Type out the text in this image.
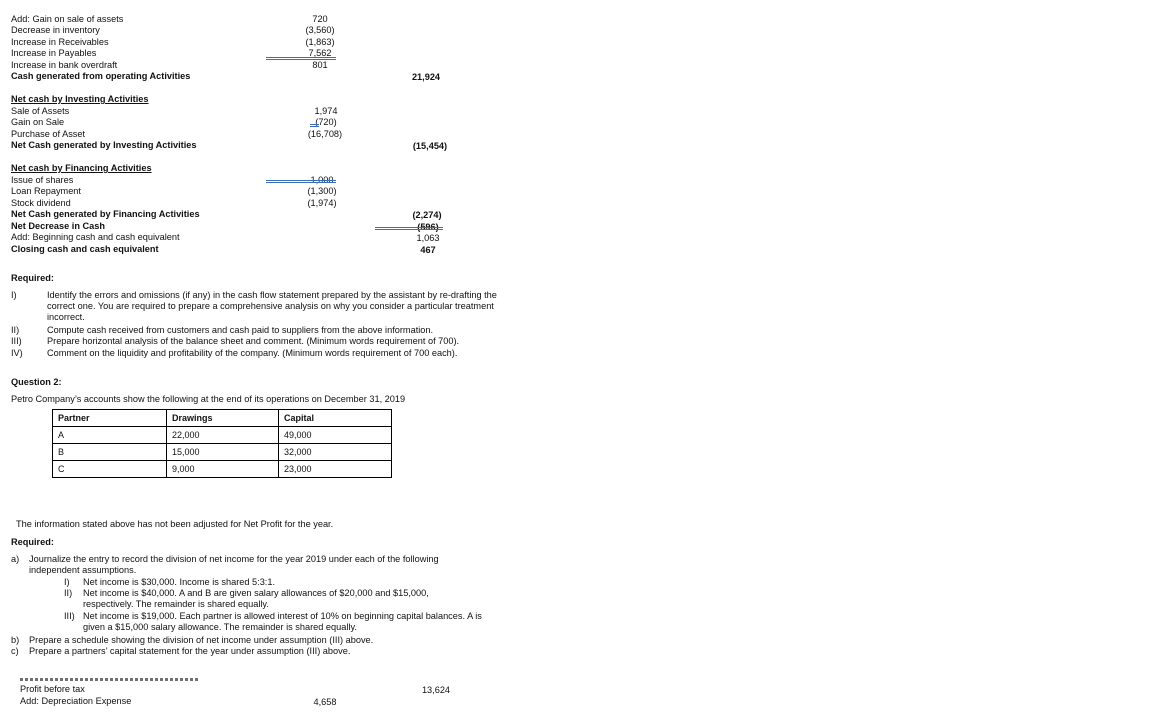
Add: Gain on sale of assets	720
Decrease in inventory	(3,560)
Increase in Receivables	(1,863)
Increase in Payables	7,562
Increase in bank overdraft	801
Cash generated from operating Activities	21,924
Net cash by Investing Activities
Sale of Assets	1,974
Gain on Sale	(720)
Purchase of Asset	(16,708)
Net Cash generated by Investing Activities	(15,454)
Net cash by Financing Activities
Issue of shares	1,000
Loan Repayment	(1,300)
Stock dividend	(1,974)
Net Cash generated by Financing Activities	(2,274)
Net Decrease in Cash	(596)
Add: Beginning cash and cash equivalent	1,063
Closing cash and cash equivalent	467
Required:
I)	Identify the errors and omissions (if any) in the cash flow statement prepared by the assistant by re-drafting the correct one. You are required to prepare a comprehensive analysis on why you consider a particular treatment incorrect.
II)	Compute cash received from customers and cash paid to suppliers from the above information.
III)	Prepare horizontal analysis of the balance sheet and comment. (Minimum words requirement of 700).
IV)	Comment on the liquidity and profitability of the company. (Minimum words requirement of 700 each).
Question 2:
Petro Company’s accounts show the following at the end of its operations on December 31, 2019
Partner	Drawings	Capital
A	22,000	49,000
B	15,000	32,000
C	9,000	23,000
The information stated above has not been adjusted for Net Profit for the year.
Required:
a) Journalize the entry to record the division of net income for the year 2019 under each of the following independent assumptions.
I) Net income is $30,000. Income is shared 5:3:1.
II) Net income is $40,000. A and B are given salary allowances of $20,000 and $15,000, respectively. The remainder is shared equally.
III) Net income is $19,000. Each partner is allowed interest of 10% on beginning capital balances. A is given a $15,000 salary allowance. The remainder is shared equally.
b) Prepare a schedule showing the division of net income under assumption (III) above.
c) Prepare a partners’ capital statement for the year under assumption (III) above.
Profit before tax	13,624
Add: Depreciation Expense	4,658
